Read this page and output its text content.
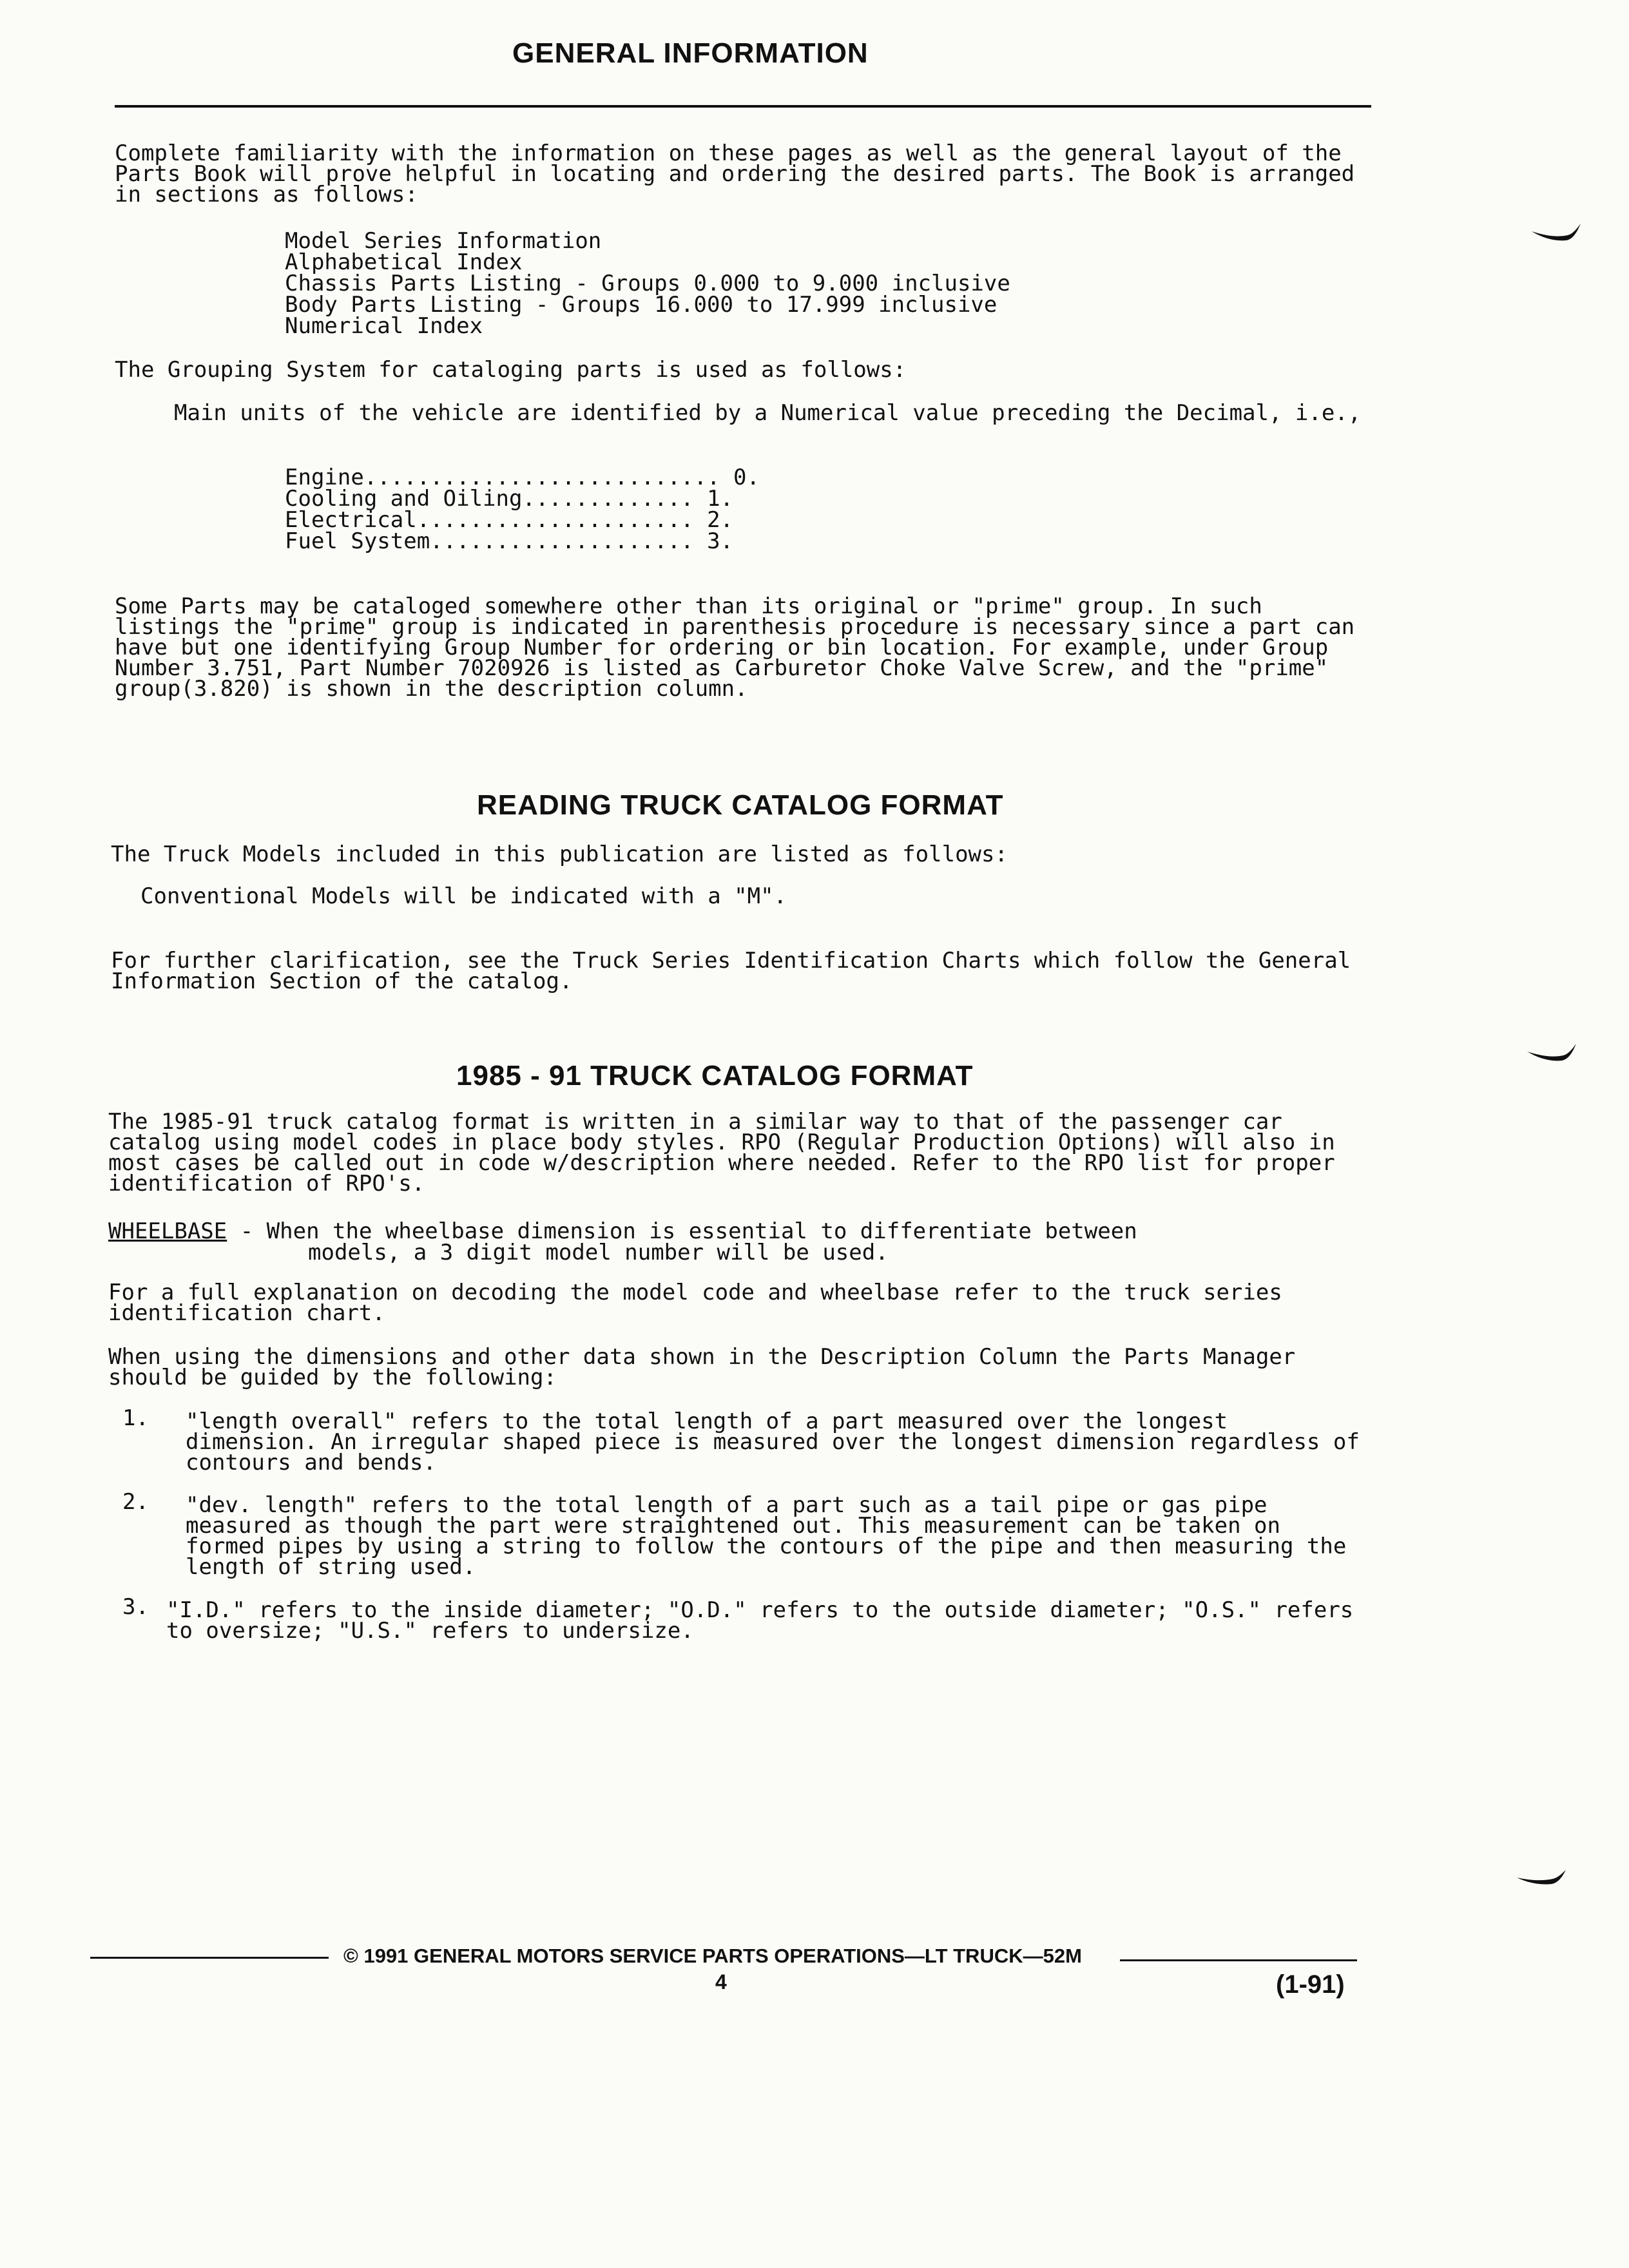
GENERAL INFORMATION
Complete familiarity with the information on these pages as well as the general layout of the Parts Book will prove helpful in locating and ordering the desired parts. The Book is arranged in sections as follows:
Model Series Information
Alphabetical Index
Chassis Parts Listing - Groups 0.000 to 9.000 inclusive
Body Parts Listing - Groups 16.000 to 17.999 inclusive
Numerical Index
The Grouping System for cataloging parts is used as follows:
Main units of the vehicle are identified by a Numerical value preceding the Decimal, i.e.,
Engine........................... 0.
Cooling and Oiling............. 1.
Electrical..................... 2.
Fuel System.................... 3.
Some Parts may be cataloged somewhere other than its original or "prime" group. In such listings the "prime" group is indicated in parenthesis procedure is necessary since a part can have but one identifying Group Number for ordering or bin location. For example, under Group Number 3.751, Part Number 7020926 is listed as Carburetor Choke Valve Screw, and the "prime" group(3.820) is shown in the description column.
READING TRUCK CATALOG FORMAT
The Truck Models included in this publication are listed as follows:
Conventional Models will be indicated with a "M".
For further clarification, see the Truck Series Identification Charts which follow the General Information Section of the catalog.
1985 - 91 TRUCK CATALOG FORMAT
The 1985-91 truck catalog format is written in a similar way to that of the passenger car catalog using model codes in place body styles. RPO (Regular Production Options) will also in most cases be called out in code w/description where needed. Refer to the RPO list for proper identification of RPO's.
WHEELBASE - When the wheelbase dimension is essential to differentiate between
models, a 3 digit model number will be used.
For a full explanation on decoding the model code and wheelbase refer to the truck series identification chart.
When using the dimensions and other data shown in the Description Column the Parts Manager should be guided by the following:
1. "length overall" refers to the total length of a part measured over the longest dimension. An irregular shaped piece is measured over the longest dimension regardless of contours and bends.
2. "dev. length" refers to the total length of a part such as a tail pipe or gas pipe measured as though the part were straightened out. This measurement can be taken on formed pipes by using a string to follow the contours of the pipe and then measuring the length of string used.
3. "I.D." refers to the inside diameter; "O.D." refers to the outside diameter; "O.S." refers to oversize; "U.S." refers to undersize.
© 1991 GENERAL MOTORS SERVICE PARTS OPERATIONS—LT TRUCK—52M
4	(1-91)
